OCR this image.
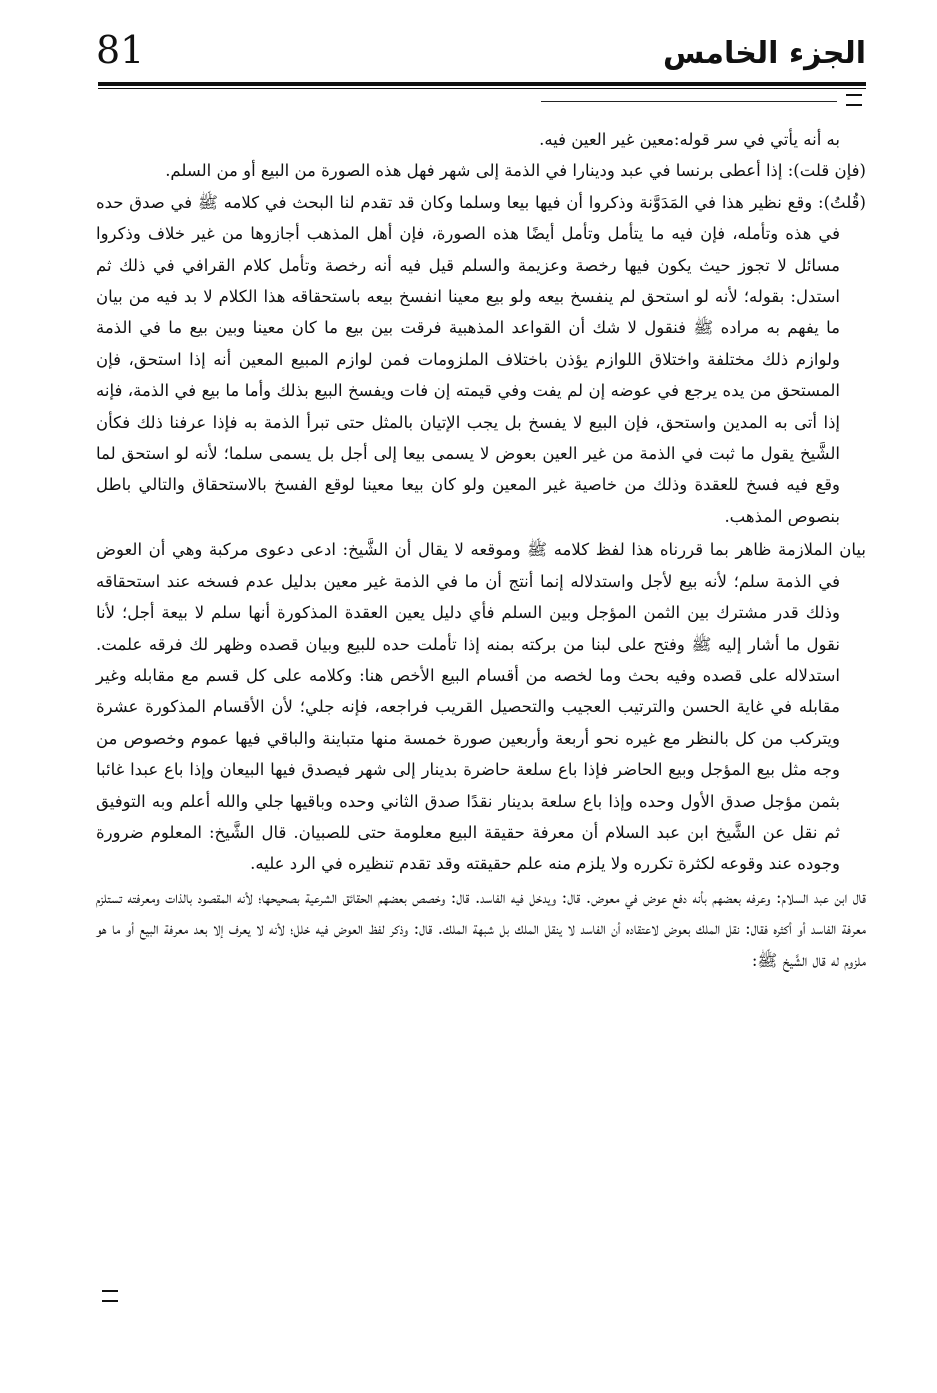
81	الجزء الخامس

به أنه يأتي في سر قوله:معين غير العين فيه.

(فإن قلت): إذا أعطى برنسا في عبد ودينارا في الذمة إلى شهر فهل هذه الصورة من البيع أو من السلم.

(قُلتُ): وقع نظير هذا في المَدَوَّنة وذكروا أن فيها بيعا وسلما وكان قد تقدم لنا البحث في كلامه ﷺ في صدق حده في هذه وتأمله، فإن فيه ما يتأمل وتأمل أيضًا هذه الصورة، فإن أهل المذهب أجازوها من غير خلاف وذكروا مسائل لا تجوز حيث يكون فيها رخصة وعزيمة والسلم قيل فيه أنه رخصة وتأمل كلام القرافي في ذلك ثم استدل: بقوله؛ لأنه لو استحق لم ينفسخ بيعه ولو بيع معينا انفسخ بيعه باستحقاقه هذا الكلام لا بد فيه من بيان ما يفهم به مراده ﷺ فنقول لا شك أن القواعد المذهبية فرقت بين بيع ما كان معينا وبين بيع ما في الذمة ولوازم ذلك مختلفة واختلاق اللوازم يؤذن باختلاف الملزومات فمن لوازم المبيع المعين أنه إذا استحق، فإن المستحق من يده يرجع في عوضه إن لم يفت وفي قيمته إن فات ويفسخ البيع بذلك وأما ما بيع في الذمة، فإنه إذا أتى به المدين واستحق، فإن البيع لا يفسخ بل يجب الإتيان بالمثل حتى تبرأ الذمة به فإذا عرفنا ذلك فكأن الشَّيخ يقول ما ثبت في الذمة من غير العين بعوض لا يسمى بيعا إلى أجل بل يسمى سلما؛ لأنه لو استحق لما وقع فيه فسخ للعقدة وذلك من خاصية غير المعين ولو كان بيعا معينا لوقع الفسخ بالاستحقاق والتالي باطل بنصوص المذهب.

بيان الملازمة ظاهر بما قررناه هذا لفظ كلامه ﷺ وموقعه لا يقال أن الشَّيخ: ادعى دعوى مركبة وهي أن العوض في الذمة سلم؛ لأنه بيع لأجل واستدلاله إنما أنتج أن ما في الذمة غير معين بدليل عدم فسخه عند استحقاقه وذلك قدر مشترك بين الثمن المؤجل وبين السلم فأي دليل يعين العقدة المذكورة أنها سلم لا بيعة أجل؛ لأنا نقول ما أشار إليه ﷺ وفتح على لبنا من بركته بمنه إذا تأملت حده للبيع وبيان قصده وظهر لك فرقه علمت. استدلاله على قصده وفيه بحث وما لخصه من أقسام البيع الأخص هنا: وكلامه على كل قسم مع مقابله وغير مقابله في غاية الحسن والترتيب العجيب والتحصيل القريب فراجعه، فإنه جلي؛ لأن الأقسام المذكورة عشرة ويتركب من كل بالنظر مع غيره نحو أربعة وأربعين صورة خمسة منها متباينة والباقي فيها عموم وخصوص من وجه مثل بيع المؤجل وبيع الحاضر فإذا باع سلعة حاضرة بدينار إلى شهر فيصدق فيها البيعان وإذا باع عبدا غائبا بثمن مؤجل صدق الأول وحده وإذا باع سلعة بدينار نقدًا صدق الثاني وحده وباقيها جلي والله أعلم وبه التوفيق ثم نقل عن الشَّيخ ابن عبد السلام أن معرفة حقيقة البيع معلومة حتى للصبيان. قال الشَّيخ: المعلوم ضرورة وجوده عند وقوعه لكثرة تكرره ولا يلزم منه علم حقيقته وقد تقدم تنظيره في الرد عليه.

قال ابن عبد السلام: وعرفه بعضهم بأنه دفع عوض في معوض. قال: ويدخل فيه الفاسد. قال: وخصص بعضهم الحقائق الشرعية بصحيحها؛ لأنه المقصود بالذات ومعرفته تستلزم معرفة الفاسد أو أكثره فقال: نقل الملك بعوض لاعتقاده أن الفاسد لا ينقل الملك بل شبهة الملك. قال: وذكر لفظ العوض فيه خلل؛ لأنه لا يعرف إلا بعد معرفة البيع أو ما هو ملزوم له قال الشَّيخ ﷺ:
